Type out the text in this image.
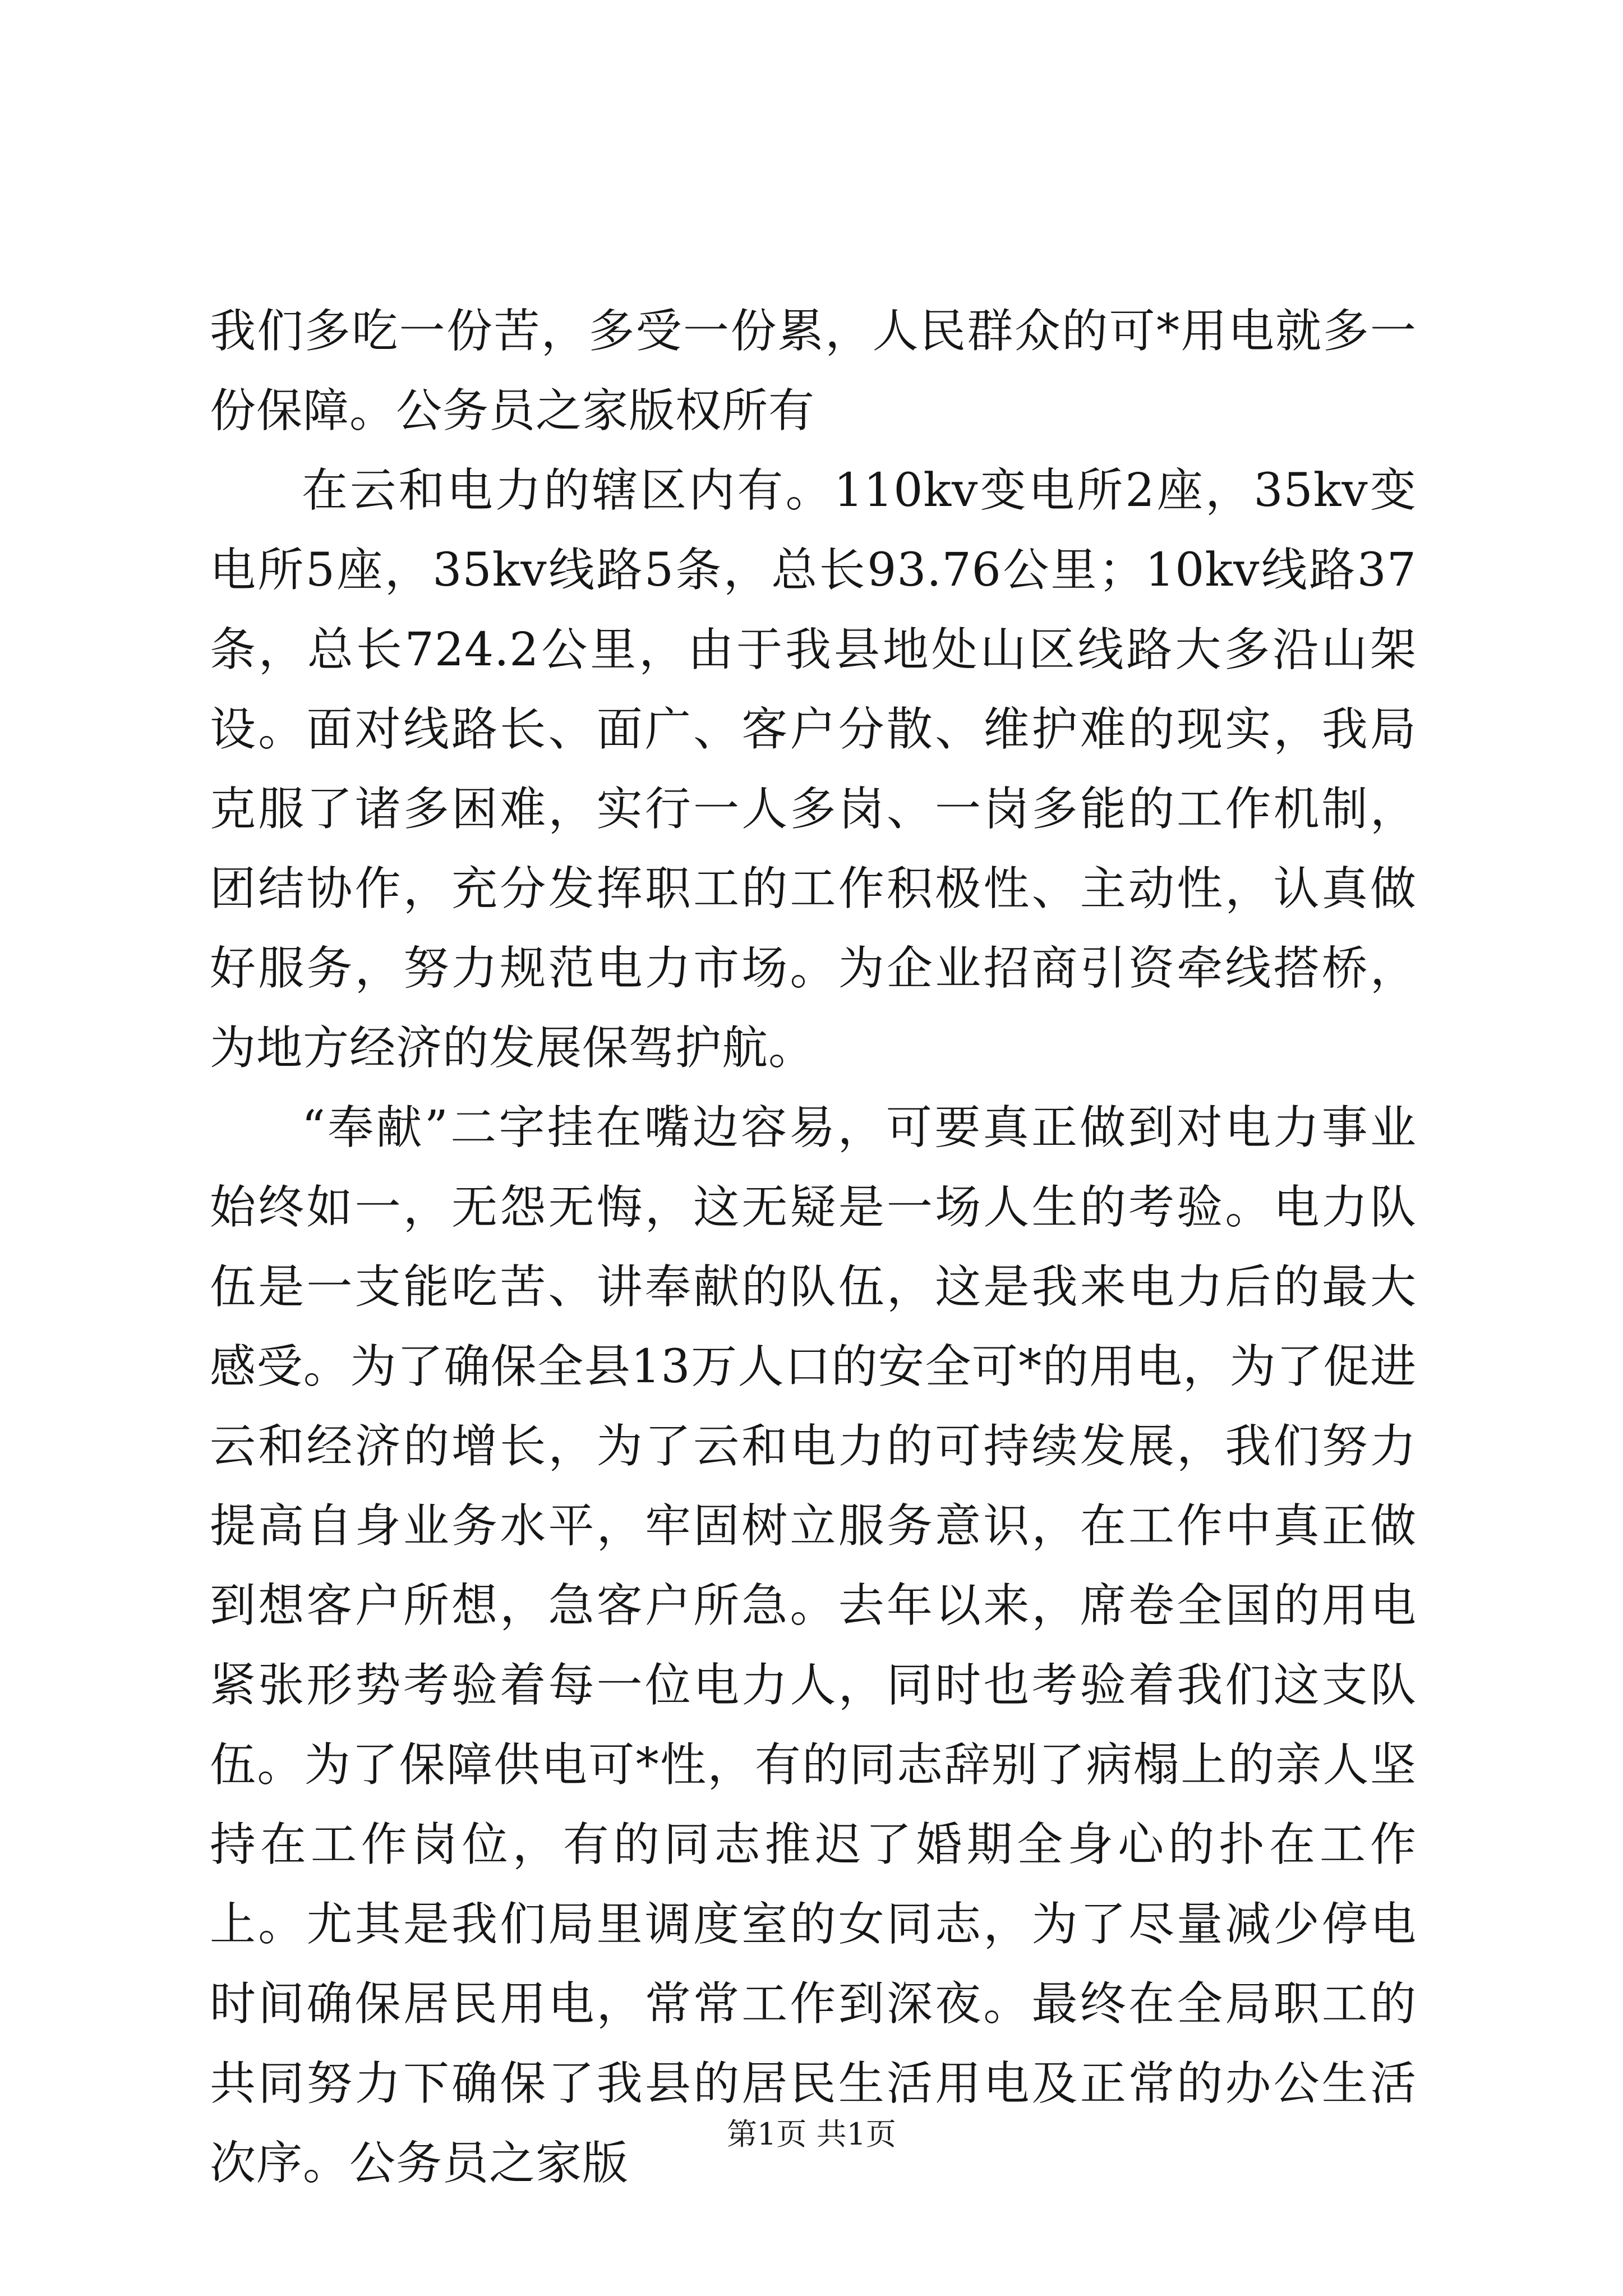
我们多吃一份苦，多受一份累，人民群众的可*用电就多一份保障。公务员之家版权所有

在云和电力的辖区内有。110kv变电所2座，35kv变电所5座，35kv线路5条，总长93.76公里；10kv线路37条，总长724.2公里，由于我县地处山区线路大多沿山架设。面对线路长、面广、客户分散、维护难的现实，我局克服了诸多困难，实行一人多岗、一岗多能的工作机制，团结协作，充分发挥职工的工作积极性、主动性，认真做好服务，努力规范电力市场。为企业招商引资牵线搭桥，为地方经济的发展保驾护航。

“奉献”二字挂在嘴边容易，可要真正做到对电力事业始终如一，无怨无悔，这无疑是一场人生的考验。电力队伍是一支能吃苦、讲奉献的队伍，这是我来电力后的最大感受。为了确保全县13万人口的安全可*的用电，为了促进云和经济的增长，为了云和电力的可持续发展，我们努力提高自身业务水平，牢固树立服务意识，在工作中真正做到想客户所想，急客户所急。去年以来，席卷全国的用电紧张形势考验着每一位电力人，同时也考验着我们这支队伍。为了保障供电可*性，有的同志辞别了病榻上的亲人坚持在工作岗位，有的同志推迟了婚期全身心的扑在工作上。尤其是我们局里调度室的女同志，为了尽量减少停电时间确保居民用电，常常工作到深夜。最终在全局职工的共同努力下确保了我县的居民生活用电及正常的办公生活次序。公务员之家版

第1页 共1页
